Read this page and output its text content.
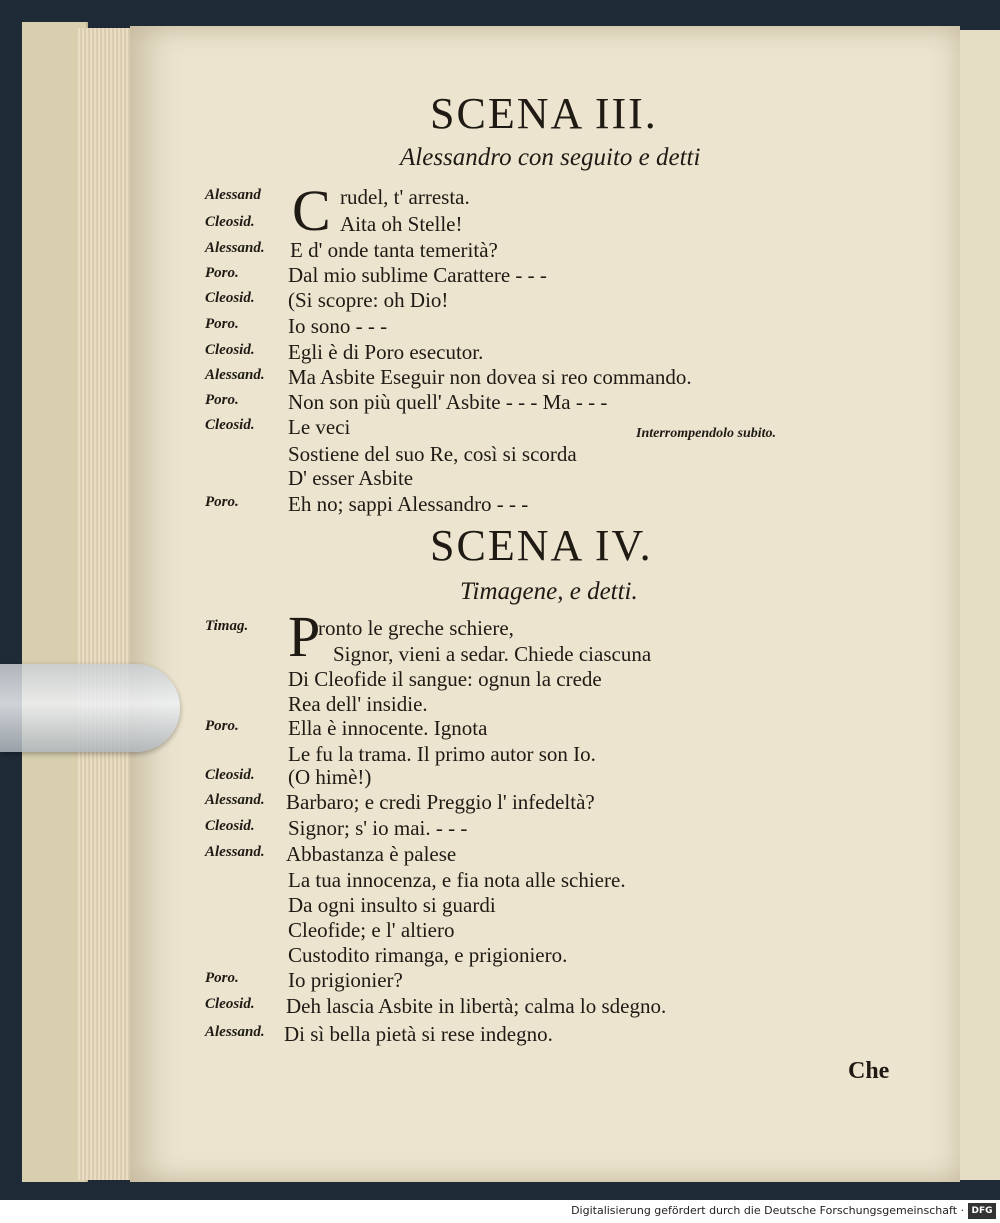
SCENA III.
Alessandro con seguito e detti
C
Alessand	rudel, t' arresta.
Cleosid.	Aita oh Stelle!
Alessand. E d' onde tanta temerità?
Poro. Dal mio sublime Carattere - - -
Cleosid. (Si scopre: oh Dio!
Poro. Io sono - - -
Cleosid. Egli è di Poro esecutor.
Alessand. Ma Asbite Eseguir non dovea si reo commando.
Poro. Non son più quell' Asbite - - - Ma - - -
Cleosid. Le veci	Interrompendolo subito.
Sostiene del suo Re, così si scorda
D' esser Asbite
Poro. Eh no; sappi Alessandro - - -
SCENA IV.
Timagene, e detti.
P
Timag.	ronto le greche schiere,
Signor, vieni a sedar. Chiede ciascuna
Di Cleofide il sangue: ognun la crede
Rea dell' insidie.
Poro. Ella è innocente. Ignota
Le fu la trama. Il primo autor son Io.
Cleosid. (O himè!)
Alessand. Barbaro; e credi Preggio l' infedeltà?
Cleosid. Signor; s' io mai. - - -
Alessand. Abbastanza è palese
La tua innocenza, e fia nota alle schiere.
Da ogni insulto si guardi
Cleofide; e l' altiero
Custodito rimanga, e prigioniero.
Poro. Io prigionier?
Cleosid. Deh lascia Asbite in libertà; calma lo sdegno.
Alessand. Di sì bella pietà si rese indegno.
Che
Digitalisierung gefördert durch die Deutsche Forschungsgemeinschaft · DFG
